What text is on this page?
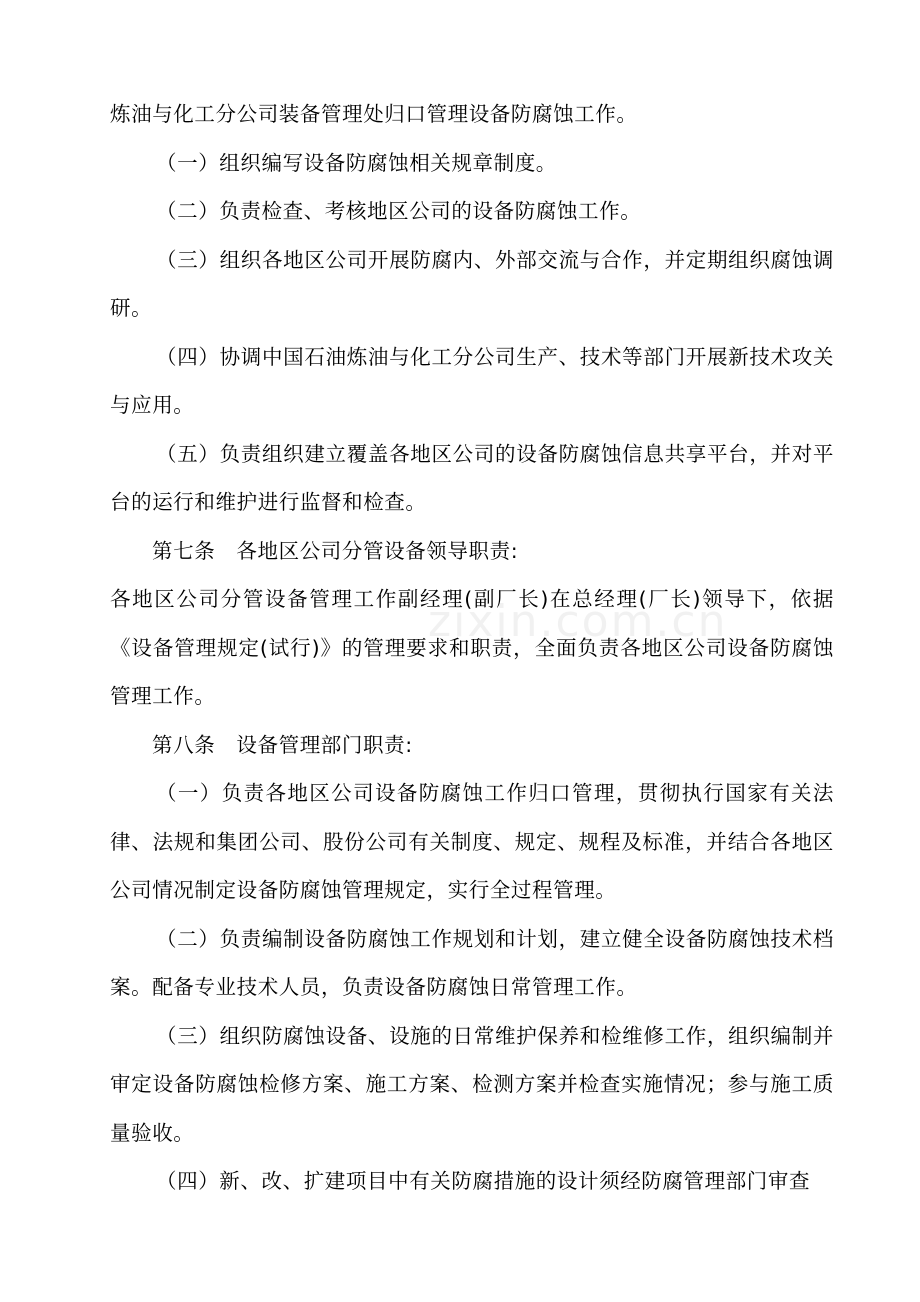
炼油与化工分公司装备管理处归口管理设备防腐蚀工作。

（一）组织编写设备防腐蚀相关规章制度。

（二）负责检查、考核地区公司的设备防腐蚀工作。

（三）组织各地区公司开展防腐内、外部交流与合作，并定期组织腐蚀调研。

（四）协调中国石油炼油与化工分公司生产、技术等部门开展新技术攻关与应用。

（五）负责组织建立覆盖各地区公司的设备防腐蚀信息共享平台，并对平台的运行和维护进行监督和检查。

第七条　各地区公司分管设备领导职责:

各地区公司分管设备管理工作副经理(副厂长)在总经理(厂长)领导下，依据《设备管理规定(试行)》的管理要求和职责，全面负责各地区公司设备防腐蚀管理工作。

第八条　设备管理部门职责:

（一）负责各地区公司设备防腐蚀工作归口管理，贯彻执行国家有关法律、法规和集团公司、股份公司有关制度、规定、规程及标准，并结合各地区公司情况制定设备防腐蚀管理规定，实行全过程管理。

（二）负责编制设备防腐蚀工作规划和计划，建立健全设备防腐蚀技术档案。配备专业技术人员，负责设备防腐蚀日常管理工作。

（三）组织防腐蚀设备、设施的日常维护保养和检维修工作，组织编制并审定设备防腐蚀检修方案、施工方案、检测方案并检查实施情况；参与施工质量验收。

（四）新、改、扩建项目中有关防腐措施的设计须经防腐管理部门审查

zixin.com.cn
